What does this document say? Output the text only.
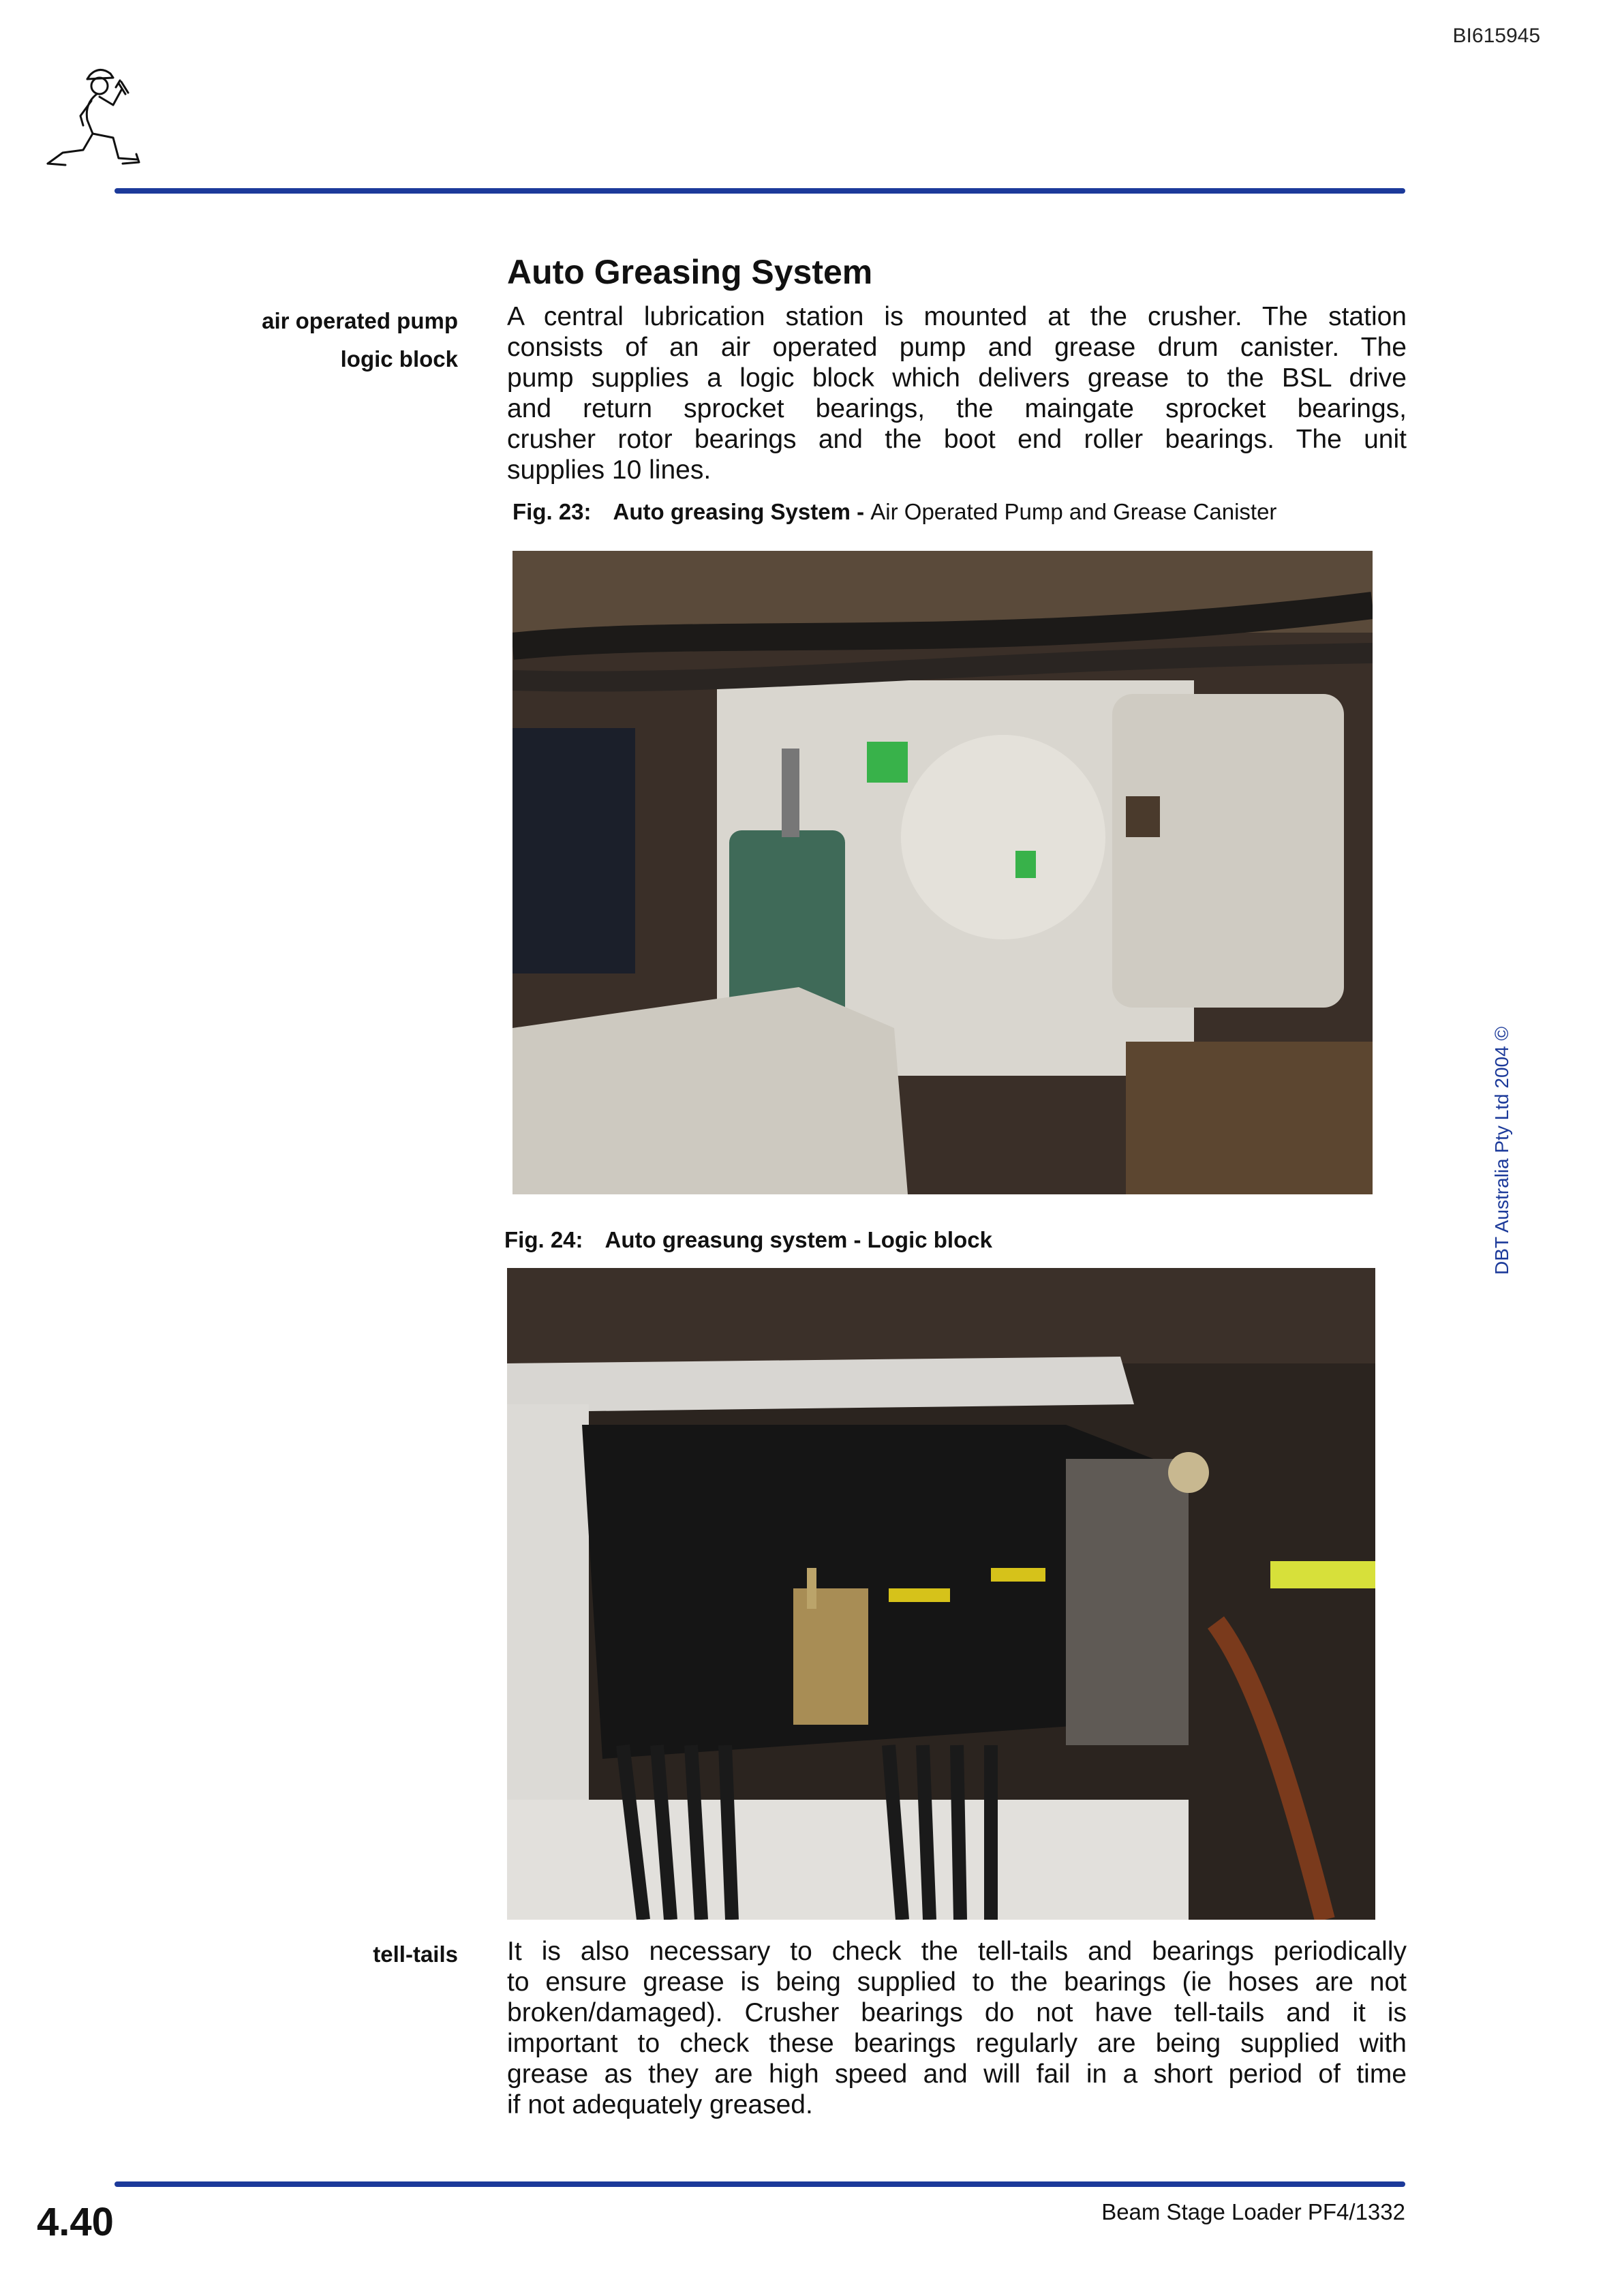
BI615945
Auto Greasing System
air operated pump
logic block
A central lubrication station is mounted at the crusher. The station
consists of an air operated pump and grease drum canister. The
pump supplies a logic block which delivers grease to the BSL drive
and return sprocket bearings, the maingate sprocket bearings,
crusher rotor bearings and the boot end roller bearings. The unit
supplies 10 lines.
Fig. 23: Auto greasing System - Air Operated Pump and Grease Canister
Fig. 24: Auto greasung system - Logic block
tell-tails It is also necessary to check the tell-tails and bearings periodically
to ensure grease is being supplied to the bearings (ie hoses are not
broken/damaged). Crusher bearings do not have tell-tails and it is
important to check these bearings regularly are being supplied with
grease as they are high speed and will fail in a short period of time
if not adequately greased.
DBT Australia Pty Ltd 2004 ©
4.40	Beam Stage Loader PF4/1332
